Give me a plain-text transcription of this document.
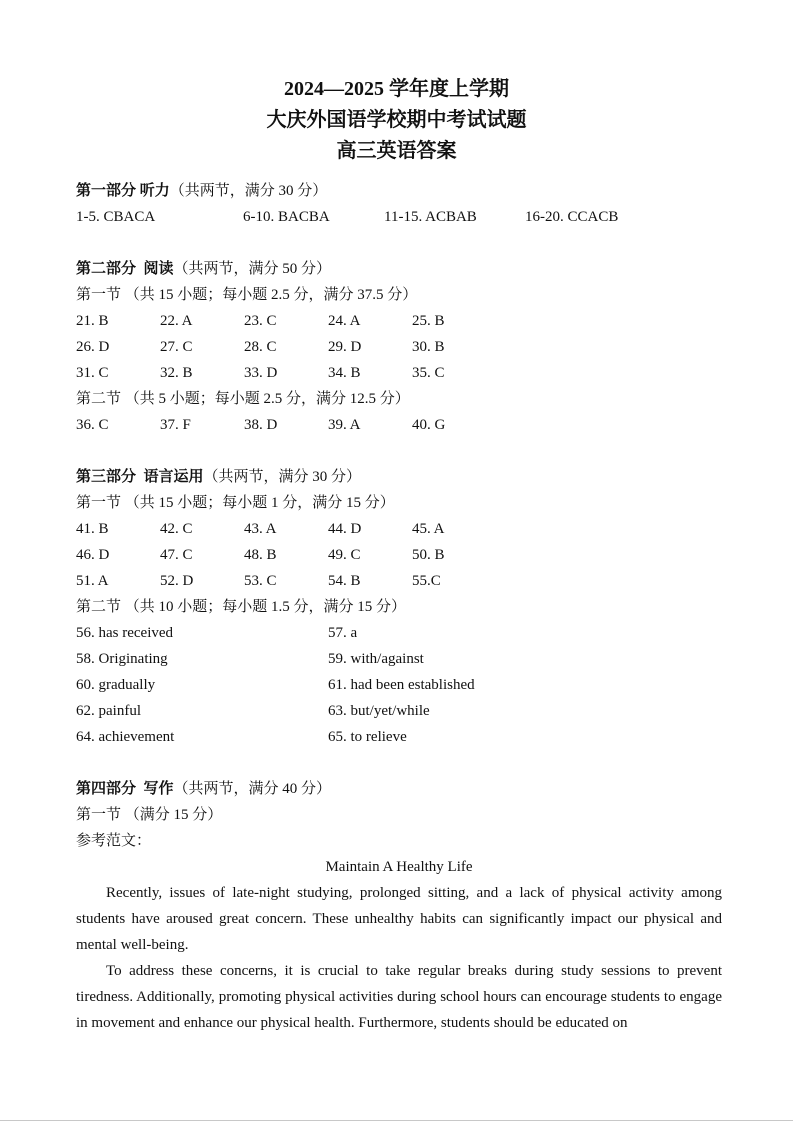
2024—2025 学年度上学期
大庆外国语学校期中考试试题
高三英语答案
第一部分 听力（共两节，满分 30 分）
1-5. CBACA	6-10. BACBA	11-15. ACBAB	16-20. CCACB
第二部分 阅读（共两节，满分 50 分）
第一节 （共 15 小题；每小题 2.5 分，满分 37.5 分）
21. B	22. A	23. C	24. A	25. B
26. D	27. C	28. C	29. D	30. B
31. C	32. B	33. D	34. B	35. C
第二节 （共 5 小题；每小题 2.5 分，满分 12.5 分）
36. C	37. F	38. D	39. A	40. G
第三部分 语言运用（共两节，满分 30 分）
第一节 （共 15 小题；每小题 1 分，满分 15 分）
41. B	42. C	43. A	44. D	45. A
46. D	47. C	48. B	49. C	50. B
51. A	52. D	53. C	54. B	55.C
第二节 （共 10 小题；每小题 1.5 分，满分 15 分）
56. has received	57. a
58. Originating	59. with/against
60. gradually	61. had been established
62. painful	63. but/yet/while
64. achievement	65. to relieve
第四部分 写作（共两节，满分 40 分）
第一节 （满分 15 分）
参考范文：
Maintain A Healthy Life

Recently, issues of late-night studying, prolonged sitting, and a lack of physical activity among students have aroused great concern. These unhealthy habits can significantly impact our physical and mental well-being.

To address these concerns, it is crucial to take regular breaks during study sessions to prevent tiredness. Additionally, promoting physical activities during school hours can encourage students to engage in movement and enhance our physical health. Furthermore, students should be educated on
